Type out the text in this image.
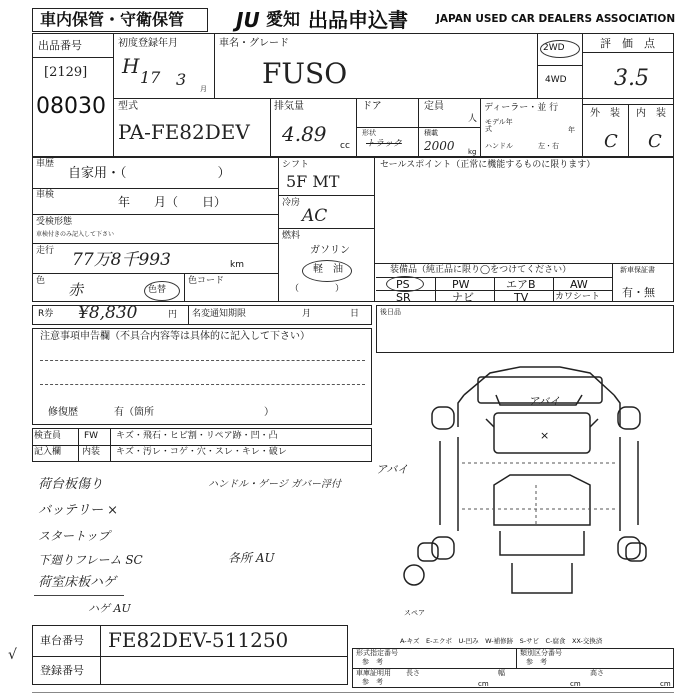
車内保管・守衛保管	JU 愛知 出品申込書	JAPAN USED CAR DEALERS ASSOCIATION
出品番号
[2129]
08030
初度登録年月
H 17 3 月
車名・グレード
FUSO
2WD
4WD
評　価　点
3.5
外　装 内　装
C C
型式
PA-FE82DEV
排気量
4.89 cc
ドア
形状
トラック
定員
人
積載
2000 kg
ディーラー・並 行
モデル年式	年
ハンドル	左・右
車歴
自家用・（　　　　　　　）
車検	年　　月（　　日）
受検形態
車検付きのみ記入して下さい
走行 77万8千993	km
色 赤	色替
色コード
シフト
5F MT
冷房
AC
燃料
ガソリン
軽　油
（　　　　）
セールスポイント（正常に機能するものに限ります）
装備品（純正品に限り◯をつけてください）
PS	PW	エアB	AW
SR	ナビ	TV	カワシート
新車保証書
有・無
R券 ¥8,830	円 名変通知期限	月	日	後日品
注意事項申告欄（不具合内容等は具体的に記入して下さい）
修復歴	有（箇所　　　　　　　　　　　）
検査員
記入欄
FW キズ・飛石・ヒビ割・リペア跡・凹・凸
内装 キズ・汚レ・コゲ・穴・スレ・キレ・破レ
荷台板傷り	ハンドル・ゲージ ガバー浮付
バッテリー ×
スタートップ
下廻りフレーム SC	各所 AU
荷室床板ハゲ
ハゲ AU
アバイ
×
アバイ
スペア
A-キズ　E-エクボ　U-凹み　W-補修跡　S-サビ　C-腐食　XX-交換済
車台番号 FE82DEV-511250
登録番号
√	形式指定番号
参　考
類別区分番号
参　考
車庫証明用
参　考
長さ
cm
幅
cm
高さ
cm
